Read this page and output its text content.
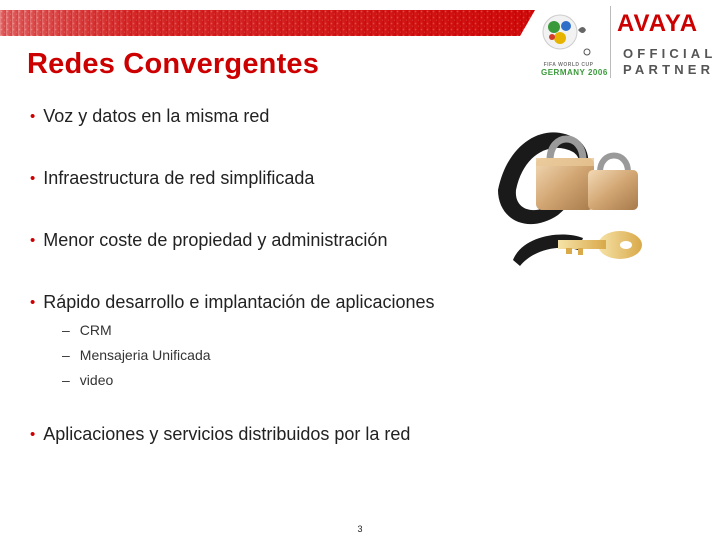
Redes Convergentes	FIFA WORLD CUP
GERMANY 2006
AVAYA
OFFICIAL
PARTNER
• Voz y datos en la misma red
• Infraestructura de red simplificada
• Menor coste de propiedad y administración
• Rápido desarrollo e implantación de aplicaciones
– CRM
– Mensajeria Unificada
– video
• Aplicaciones y servicios distribuidos por la red
3
